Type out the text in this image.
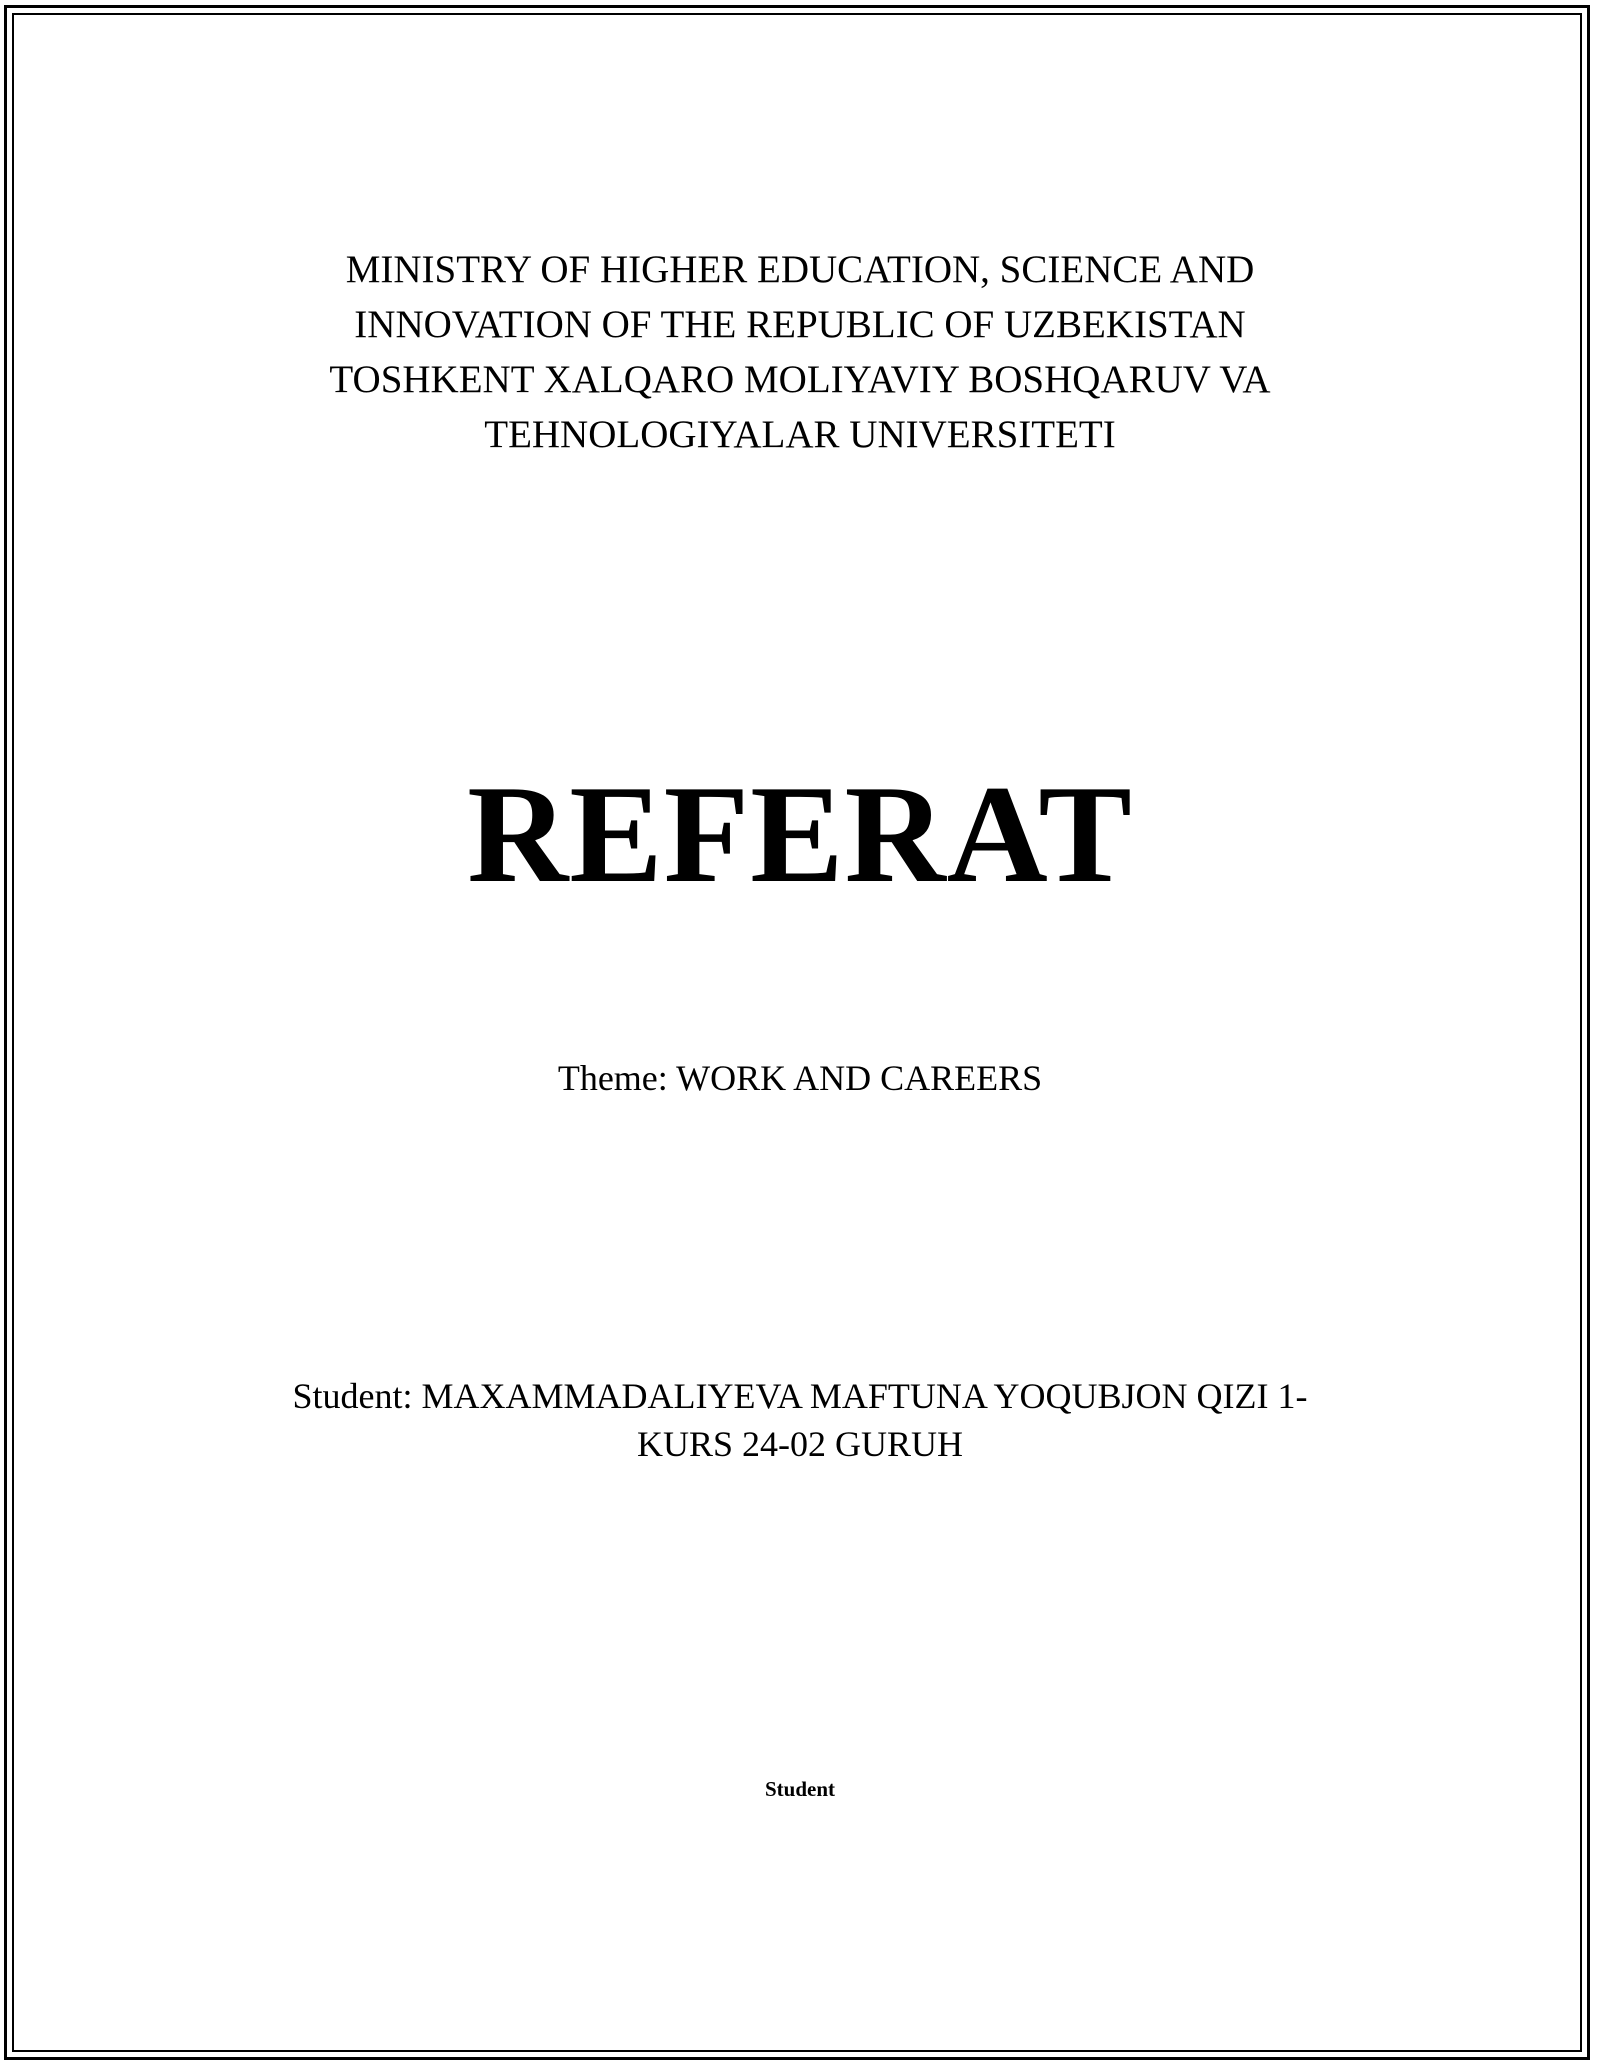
MINISTRY OF HIGHER EDUCATION, SCIENCE AND
INNOVATION OF THE REPUBLIC OF UZBEKISTAN
TOSHKENT XALQARO MOLIYAVIY BOSHQARUV VA
TEHNOLOGIYALAR UNIVERSITETI
REFERAT
Theme: WORK AND CAREERS
Student: MAXAMMADALIYEVA MAFTUNA YOQUBJON QIZI 1-
KURS 24-02 GURUH
Student
